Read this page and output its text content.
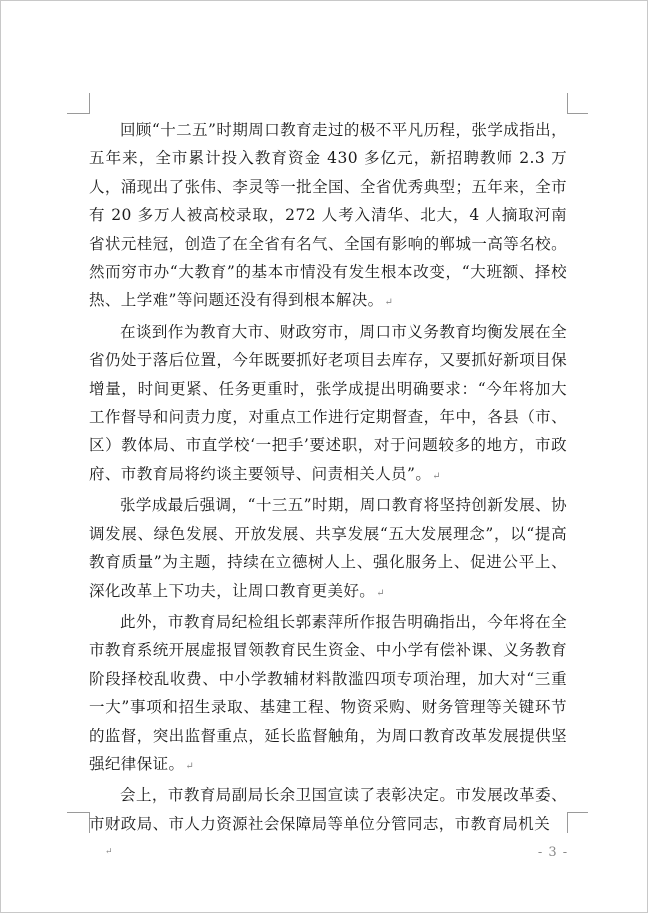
回顾“十二五”时期周口教育走过的极不平凡历程，张学成指出，五年来，全市累计投入教育资金 430 多亿元，新招聘教师 2.3 万人，涌现出了张伟、李灵等一批全国、全省优秀典型；五年来，全市有 20 多万人被高校录取，272 人考入清华、北大，4 人摘取河南省状元桂冠，创造了在全省有名气、全国有影响的郸城一高等名校。然而穷市办“大教育”的基本市情没有发生根本改变，“大班额、择校热、上学难”等问题还没有得到根本解决。↵

在谈到作为教育大市、财政穷市，周口市义务教育均衡发展在全省仍处于落后位置，今年既要抓好老项目去库存，又要抓好新项目保增量，时间更紧、任务更重时，张学成提出明确要求：“今年将加大工作督导和问责力度，对重点工作进行定期督查，年中，各县（市、区）教体局、市直学校‘一把手’要述职，对于问题较多的地方，市政府、市教育局将约谈主要领导、问责相关人员”。↵

张学成最后强调，“十三五”时期，周口教育将坚持创新发展、协调发展、绿色发展、开放发展、共享发展“五大发展理念”，以“提高教育质量”为主题，持续在立德树人上、强化服务上、促进公平上、深化改革上下功夫，让周口教育更美好。↵

此外，市教育局纪检组长郭素萍所作报告明确指出，今年将在全市教育系统开展虚报冒领教育民生资金、中小学有偿补课、义务教育阶段择校乱收费、中小学教辅材料散滥四项专项治理，加大对“三重一大”事项和招生录取、基建工程、物资采购、财务管理等关键环节的监督，突出监督重点，延长监督触角，为周口教育改革发展提供坚强纪律保证。↵

会上，市教育局副局长余卫国宣读了表彰决定。市发展改革委、市财政局、市人力资源社会保障局等单位分管同志，市教育局机关

↵	- 3 -
